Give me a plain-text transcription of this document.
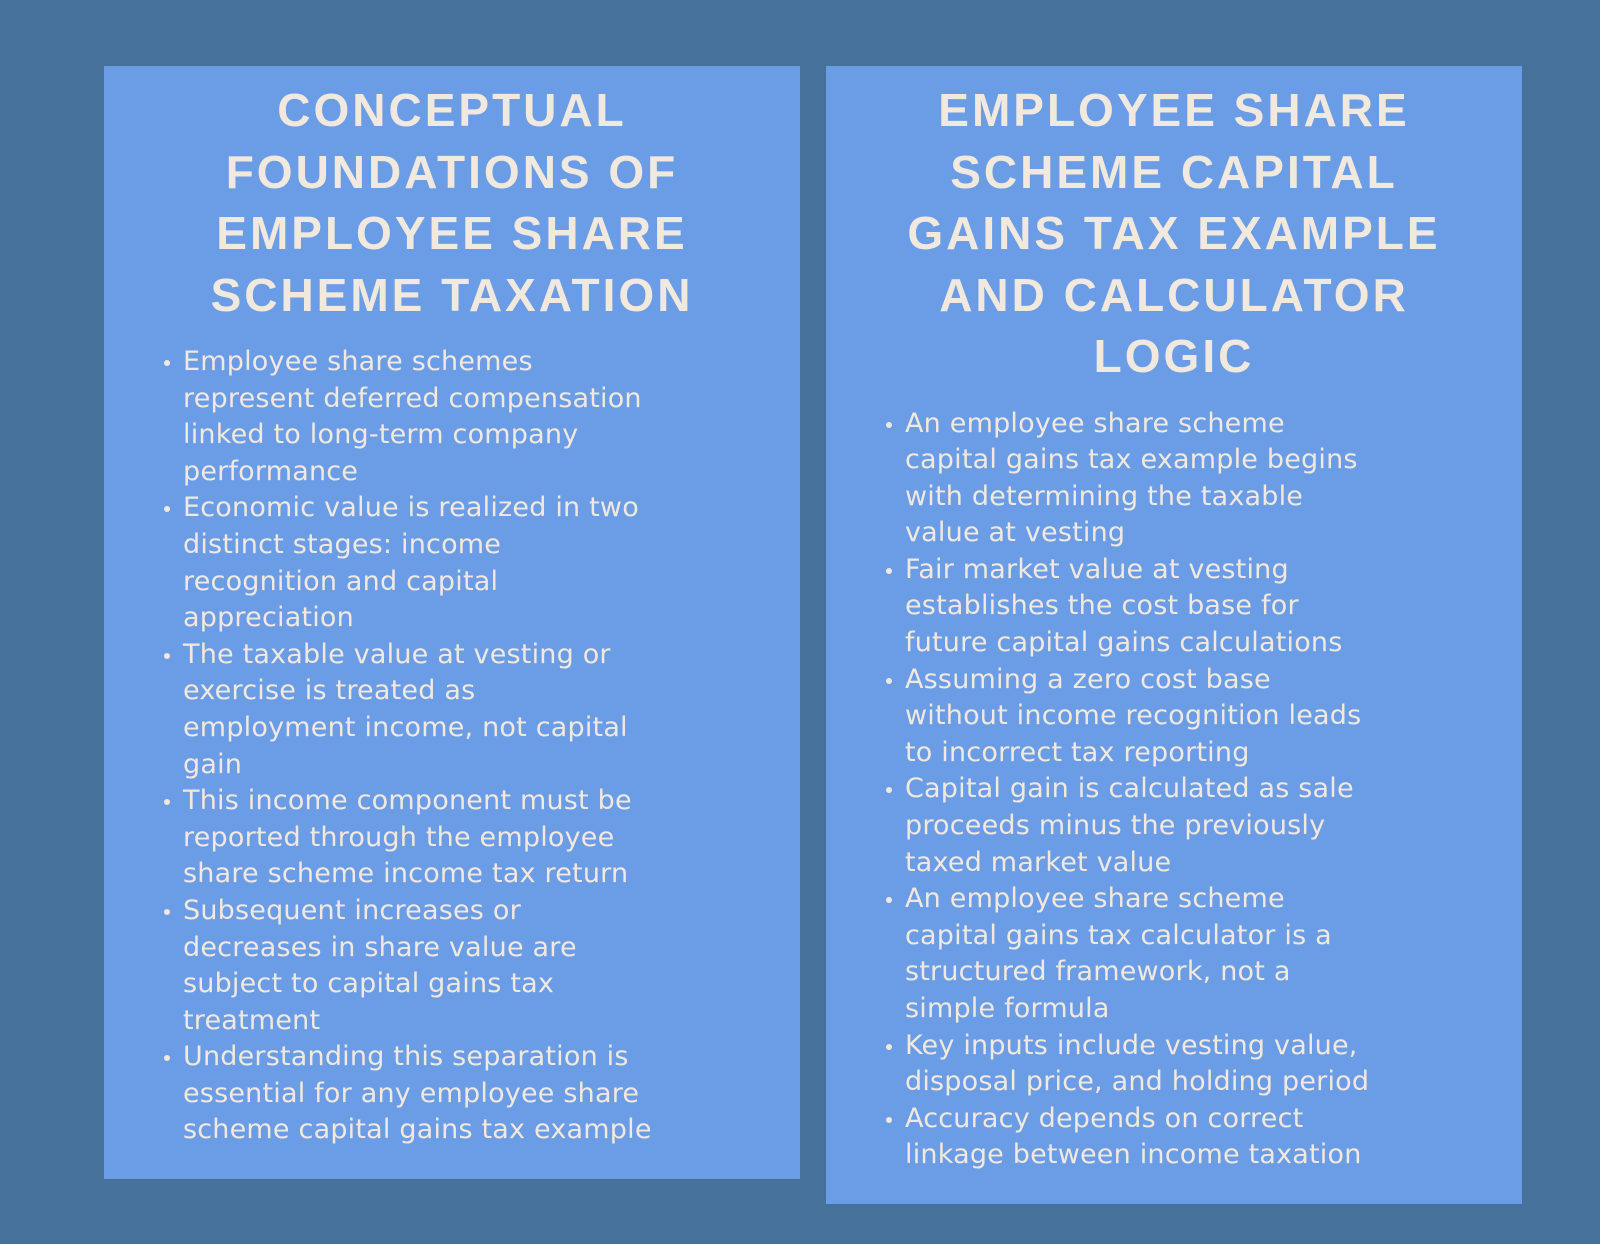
CONCEPTUAL
FOUNDATIONS OF
EMPLOYEE SHARE
SCHEME TAXATION
Employee share schemes
represent deferred compensation
linked to long-term company
performance
Economic value is realized in two
distinct stages: income
recognition and capital
appreciation
The taxable value at vesting or
exercise is treated as
employment income, not capital
gain
This income component must be
reported through the employee
share scheme income tax return
Subsequent increases or
decreases in share value are
subject to capital gains tax
treatment
Understanding this separation is
essential for any employee share
scheme capital gains tax example
EMPLOYEE SHARE
SCHEME CAPITAL
GAINS TAX EXAMPLE
AND CALCULATOR
LOGIC
An employee share scheme
capital gains tax example begins
with determining the taxable
value at vesting
Fair market value at vesting
establishes the cost base for
future capital gains calculations
Assuming a zero cost base
without income recognition leads
to incorrect tax reporting
Capital gain is calculated as sale
proceeds minus the previously
taxed market value
An employee share scheme
capital gains tax calculator is a
structured framework, not a
simple formula
Key inputs include vesting value,
disposal price, and holding period
Accuracy depends on correct
linkage between income taxation
